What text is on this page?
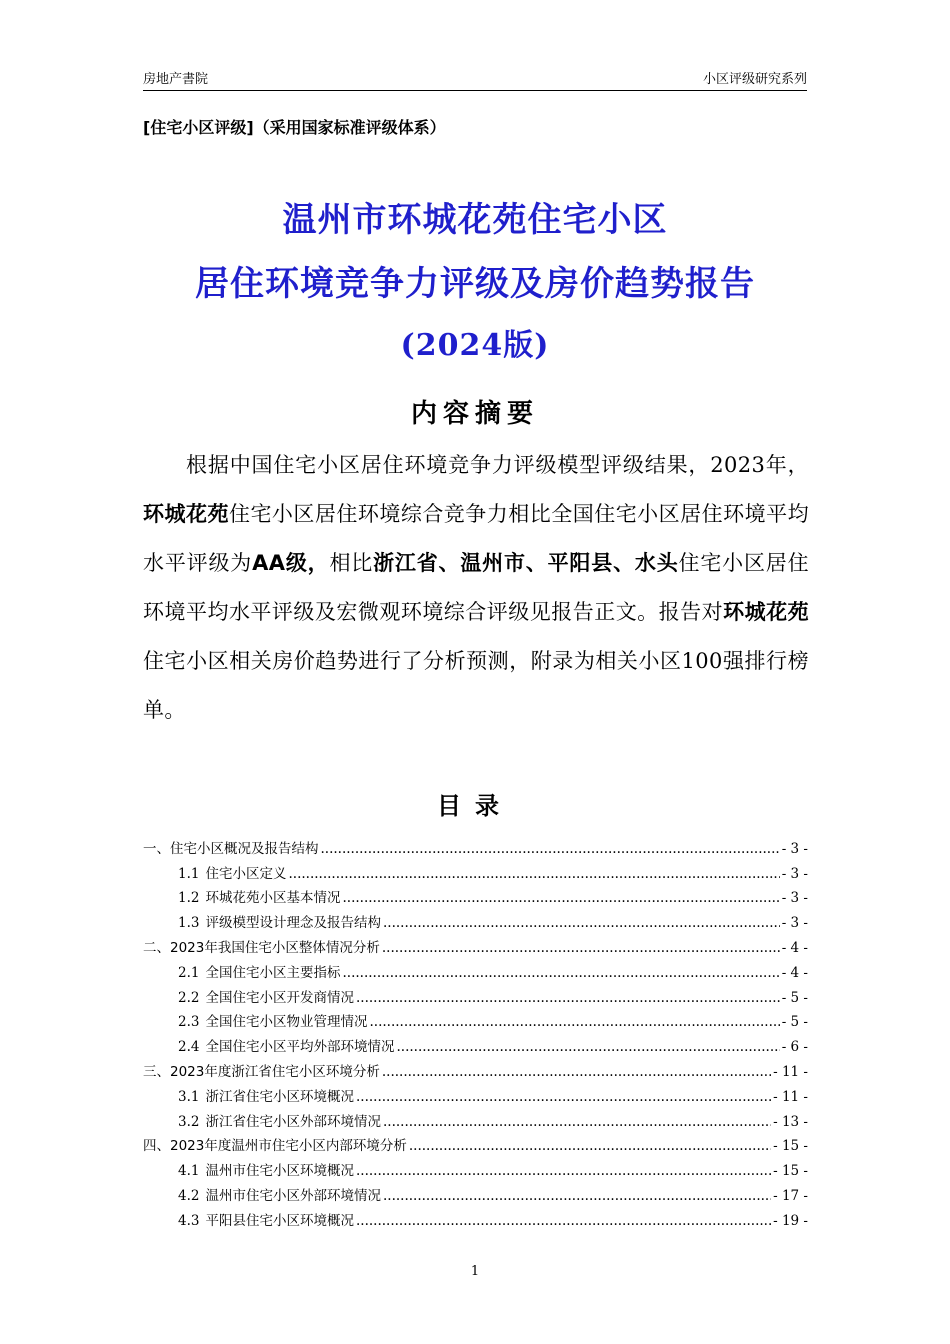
房地产書院	小区评级研究系列
[住宅小区评级]（采用国家标准评级体系）
温州市环城花苑住宅小区
居住环境竞争力评级及房价趋势报告
(2024版)
内容摘要
根据中国住宅小区居住环境竞争力评级模型评级结果，2023年，环城花苑住宅小区居住环境综合竞争力相比全国住宅小区居住环境平均水平评级为AA级，相比浙江省、温州市、平阳县、水头住宅小区居住环境平均水平评级及宏微观环境综合评级见报告正文。报告对环城花苑住宅小区相关房价趋势进行了分析预测，附录为相关小区100强排行榜单。
目录
一、 住宅小区概况及报告结构 .....	- 3 -
1.1 住宅小区定义 .....	- 3 -
1.2 环城花苑小区基本情况 .....	- 3 -
1.3 评级模型设计理念及报告结构 .....	- 3 -
二、 2023年我国住宅小区整体情况分析 .....	- 4 -
2.1 全国住宅小区主要指标 .....	- 4 -
2.2 全国住宅小区开发商情况 .....	- 5 -
2.3 全国住宅小区物业管理情况 .....	- 5 -
2.4 全国住宅小区平均外部环境情况 .....	- 6 -
三、 2023年度浙江省住宅小区环境分析 .....	- 11 -
3.1 浙江省住宅小区环境概况 .....	- 11 -
3.2 浙江省住宅小区外部环境情况 .....	- 13 -
四、 2023年度温州市住宅小区内部环境分析 .....	- 15 -
4.1 温州市住宅小区环境概况 .....	- 15 -
4.2 温州市住宅小区外部环境情况 .....	- 17 -
4.3 平阳县住宅小区环境概况 .....	- 19 -
1
